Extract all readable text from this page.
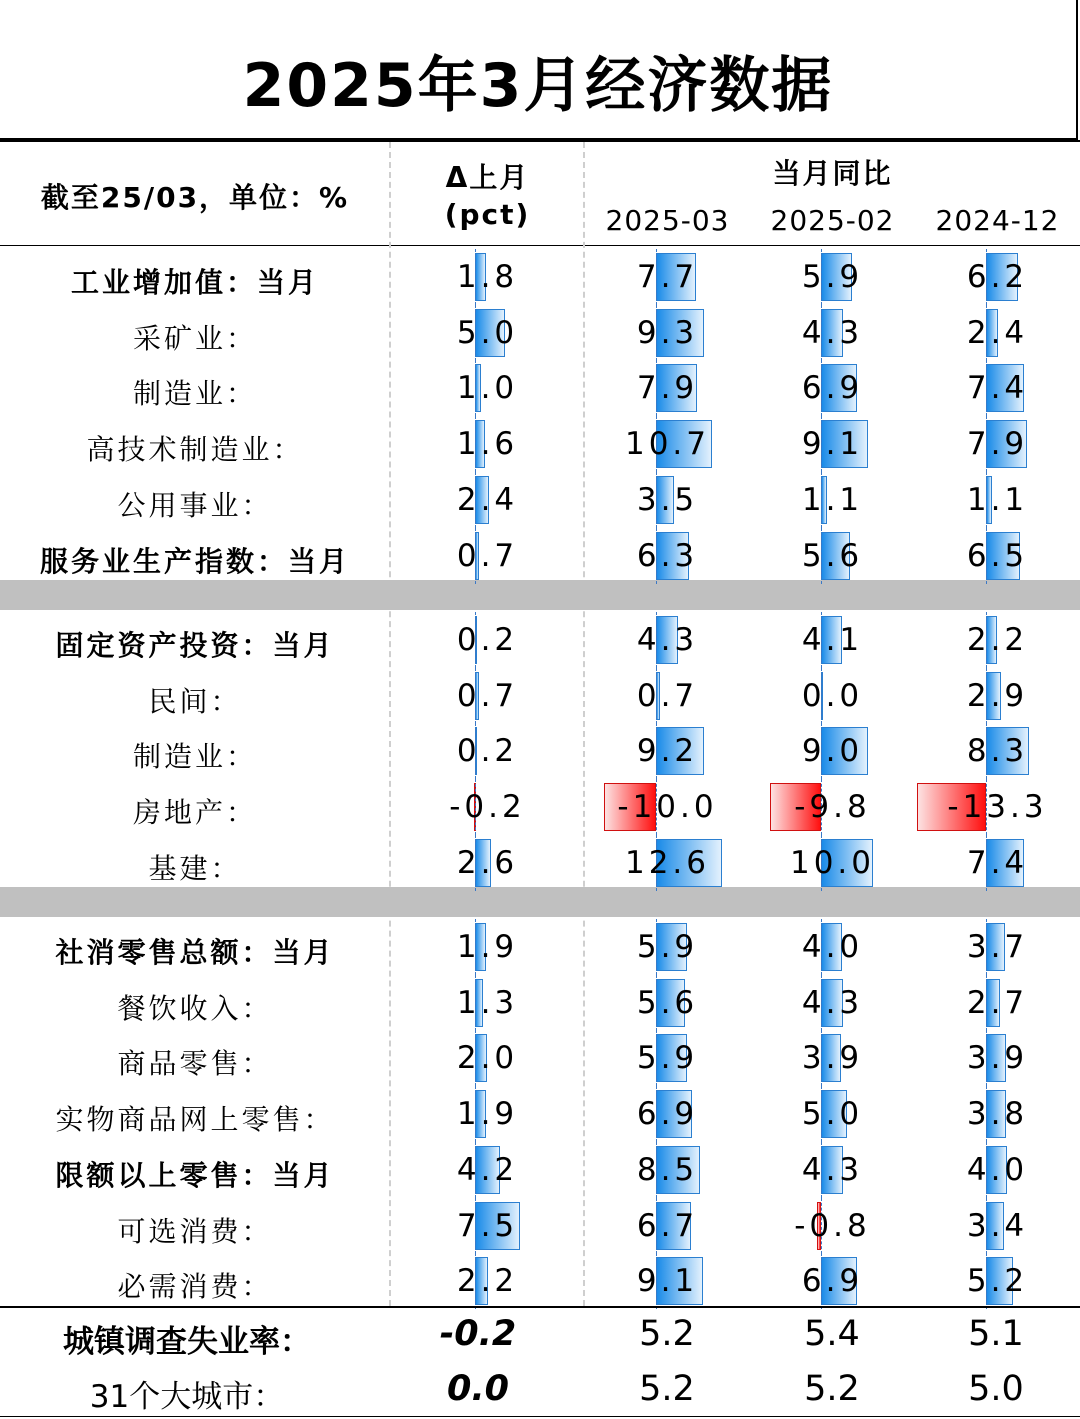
2025年3月经济数据
截至25/03，单位：%
Δ上月
(pct)
当月同比
2025-03	2025-02	2024-12
工业增加值：当月	1.8	7.7	5.9	6.2
采矿业：	5.0	9.3	4.3	2.4
制造业：	1.0	7.9	6.9	7.4
高技术制造业：	1.6	10.7	9.1	7.9
公用事业：	2.4	3.5	1.1	1.1
服务业生产指数：当月	0.7	6.3	5.6	6.5
固定资产投资：当月	0.2	4.3	4.1	2.2
民间：	0.7	0.7	0.0	2.9
制造业：	0.2	9.2	9.0	8.3
房地产：	-0.2	-10.0	-9.8	-13.3
基建：	2.6	12.6	10.0	7.4
社消零售总额：当月	1.9	5.9	4.0	3.7
餐饮收入：	1.3	5.6	4.3	2.7
商品零售：	2.0	5.9	3.9	3.9
实物商品网上零售：	1.9	6.9	5.0	3.8
限额以上零售：当月	4.2	8.5	4.3	4.0
可选消费：	7.5	6.7	-0.8	3.4
必需消费：	2.2	9.1	6.9	5.2
城镇调查失业率：	-0.2	5.2	5.4	5.1
31个大城市：	0.0	5.2	5.2	5.0
